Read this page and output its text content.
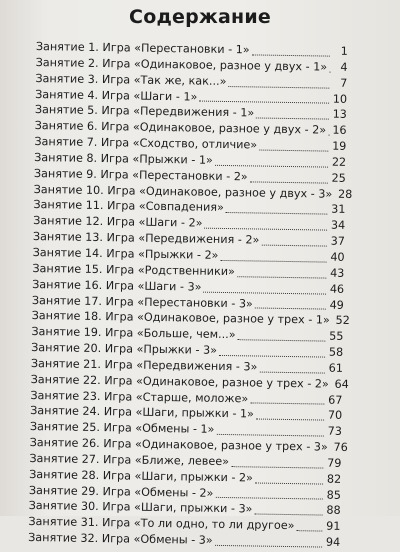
Содержание
Занятие 1. Игра «Перестановки - 1»	1
Занятие 2. Игра «Одинаковое, разное у двух - 1»	4
Занятие 3. Игра «Так же, как...»	7
Занятие 4. Игра «Шаги - 1»	10
Занятие 5. Игра «Передвижения - 1»	13
Занятие 6. Игра «Одинаковое, разное у двух - 2» 16
Занятие 7. Игра «Сходство, отличие»	19
Занятие 8. Игра «Прыжки - 1»	22
Занятие 9. Игра «Перестановки - 2»	25
Занятие 10. Игра «Одинаковое, разное у двух - 3» 28
Занятие 11. Игра «Совпадения»	31
Занятие 12. Игра «Шаги - 2»	34
Занятие 13. Игра «Передвижения - 2»	37
Занятие 14. Игра «Прыжки - 2»	40
Занятие 15. Игра «Родственники»	43
Занятие 16. Игра «Шаги - 3»	46
Занятие 17. Игра «Перестановки - 3»	49
Занятие 18. Игра «Одинаковое, разное у трех - 1» 52
Занятие 19. Игра «Больше, чем...»	55
Занятие 20. Игра «Прыжки - 3»	58
Занятие 21. Игра «Передвижения - 3»	61
Занятие 22. Игра «Одинаковое, разное у трех - 2» 64
Занятие 23. Игра «Старше, моложе»	67
Занятие 24. Игра «Шаги, прыжки - 1»	70
Занятие 25. Игра «Обмены - 1»	73
Занятие 26. Игра «Одинаковое, разное у трех - 3» 76
Занятие 27. Игра «Ближе, левее»	79
Занятие 28. Игра «Шаги, прыжки - 2»	82
Занятие 29. Игра «Обмены - 2»	85
Занятие 30. Игра «Шаги, прыжки - 3»	88
Занятие 31. Игра «То ли одно, то ли другое»	91
Занятие 32. Игра «Обмены - 3»	94
